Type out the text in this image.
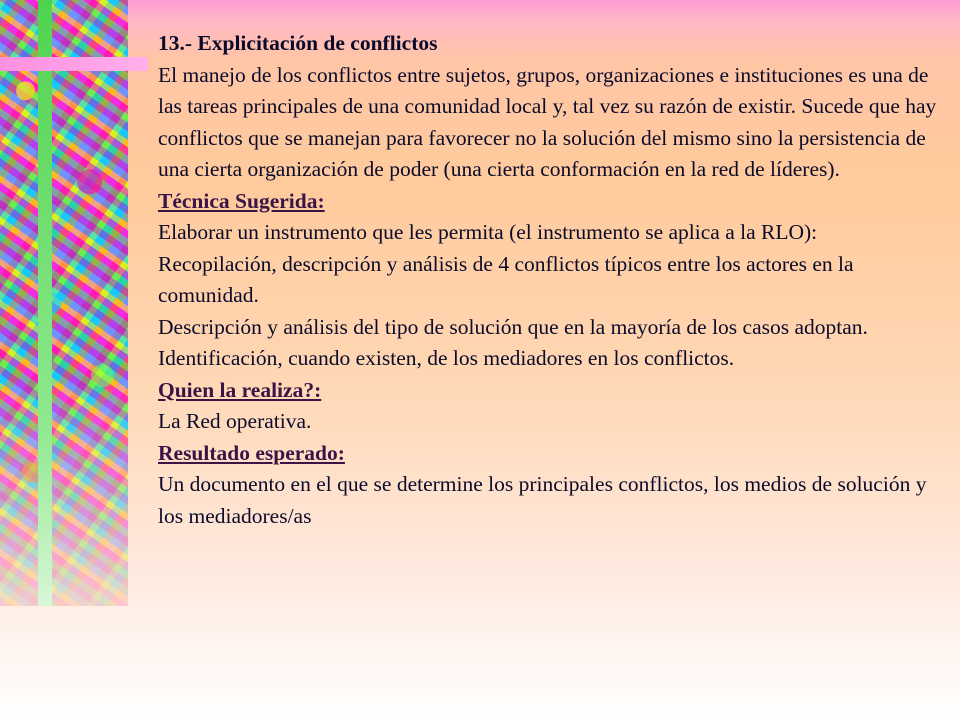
13.- Explicitación de conflictos

El manejo de los conflictos entre sujetos, grupos, organizaciones e instituciones es una de las tareas principales de una comunidad local y, tal vez su razón de existir. Sucede que hay conflictos que se manejan para favorecer no la solución del mismo sino la persistencia de una cierta organización de poder (una cierta conformación en la red de líderes).

Técnica Sugerida:

Elaborar un instrumento que les permita (el instrumento se aplica a la RLO):

Recopilación, descripción y análisis de 4 conflictos típicos entre los actores en la comunidad.

Descripción y análisis del tipo de solución que en la mayoría de los casos adoptan.

Identificación, cuando existen, de los mediadores en los conflictos.

Quien la realiza?:

La Red operativa.

Resultado esperado:

Un documento en el que se determine los principales conflictos, los medios de solución y los mediadores/as
